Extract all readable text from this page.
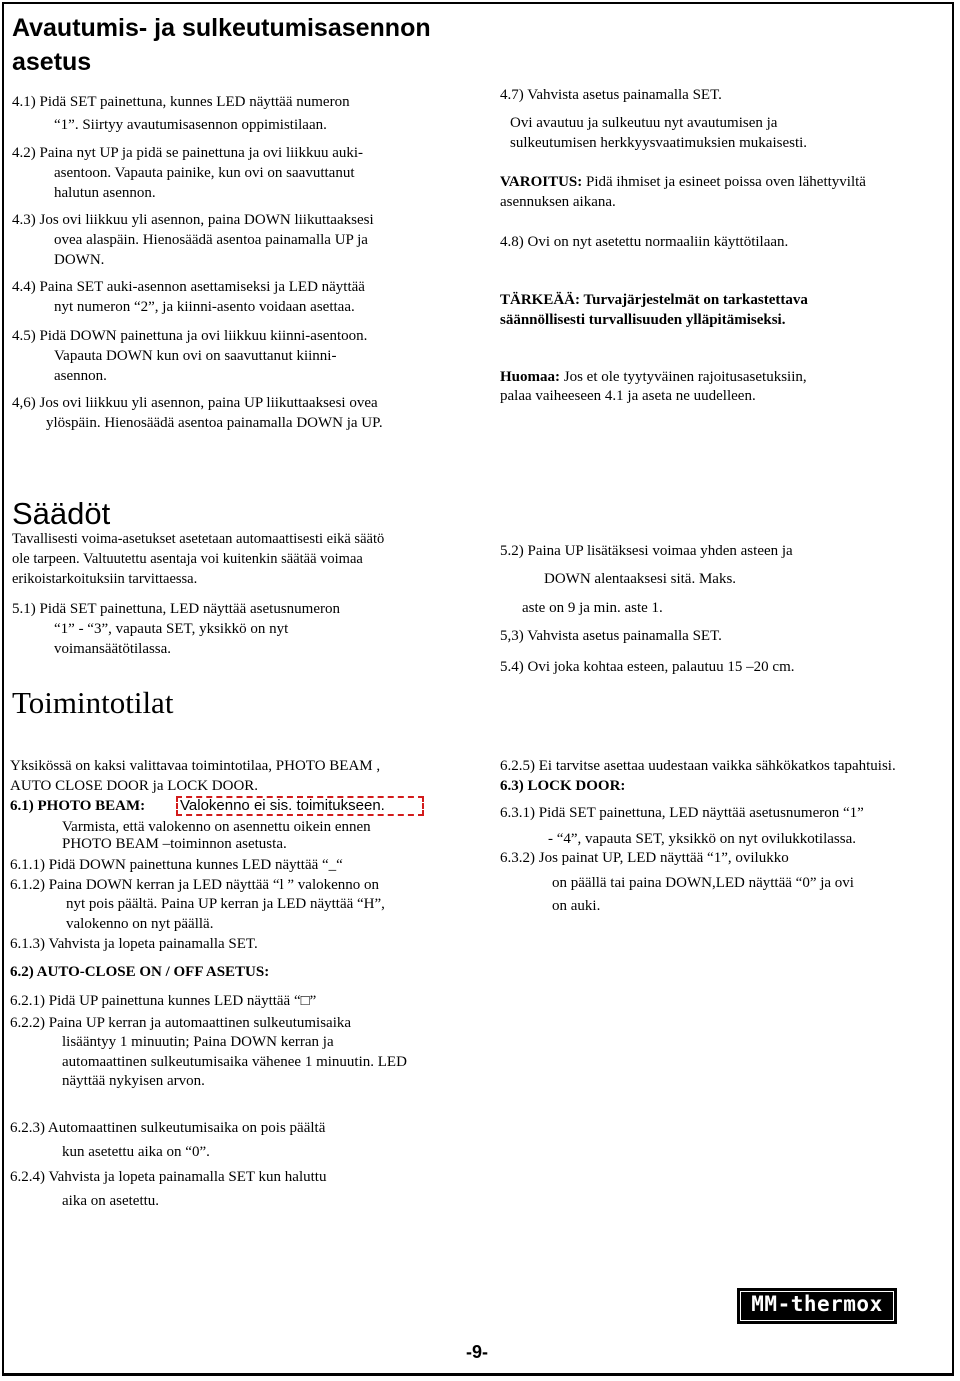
Avautumis- ja sulkeutumisasennon
asetus
4.1) Pidä SET painettuna, kunnes LED näyttää numeron
“1”. Siirtyy avautumisasennon oppimistilaan.
4.2) Paina nyt UP ja pidä se painettuna ja ovi liikkuu auki-
asentoon. Vapauta painike, kun ovi on saavuttanut
halutun asennon.
4.3) Jos ovi liikkuu yli asennon, paina DOWN liikuttaaksesi
ovea alaspäin. Hienosäädä asentoa painamalla UP ja
DOWN.
4.4) Paina SET auki-asennon asettamiseksi ja LED näyttää
nyt numeron “2”, ja kiinni-asento voidaan asettaa.
4.5) Pidä DOWN painettuna ja ovi liikkuu kiinni-asentoon.
Vapauta DOWN kun ovi on saavuttanut kiinni-
asennon.
4,6) Jos ovi liikkuu yli asennon, paina UP liikuttaaksesi ovea
ylöspäin. Hienosäädä asentoa painamalla DOWN ja UP.
4.7) Vahvista asetus painamalla SET.
Ovi avautuu ja sulkeutuu nyt avautumisen ja
sulkeutumisen herkkyysvaatimuksien mukaisesti.
VAROITUS: Pidä ihmiset ja esineet poissa oven lähettyviltä
asennuksen aikana.
4.8) Ovi on nyt asetettu normaaliin käyttötilaan.
TÄRKEÄÄ: Turvajärjestelmät on tarkastettava
säännöllisesti turvallisuuden ylläpitämiseksi.
Huomaa: Jos et ole tyytyväinen rajoitusasetuksiin,
palaa vaiheeseen 4.1 ja aseta ne uudelleen.
Säädöt
Tavallisesti voima-asetukset asetetaan automaattisesti eikä säätö
ole tarpeen. Valtuutettu asentaja voi kuitenkin säätää voimaa
erikoistarkoituksiin tarvittaessa.
5.1) Pidä SET painettuna, LED näyttää asetusnumeron
“1” - “3”, vapauta SET, yksikkö on nyt
voimansäätötilassa.
5.2) Paina UP lisätäksesi voimaa yhden asteen ja
DOWN alentaaksesi sitä. Maks.
aste on 9 ja min. aste 1.
5,3) Vahvista asetus painamalla SET.
5.4) Ovi joka kohtaa esteen, palautuu 15 –20 cm.
Toimintotilat
Yksikössä on kaksi valittavaa toimintotilaa, PHOTO BEAM ,
AUTO CLOSE DOOR ja LOCK DOOR.
6.1) PHOTO BEAM:
Varmista, että valokenno on asennettu oikein ennen
PHOTO BEAM –toiminnon asetusta.
Valokenno ei sis. toimitukseen.
6.1.1) Pidä DOWN painettuna kunnes LED näyttää “_“
6.1.2) Paina DOWN kerran ja LED näyttää “l ” valokenno on
nyt pois päältä. Paina UP kerran ja LED näyttää “H”,
valokenno on nyt päällä.
6.1.3) Vahvista ja lopeta painamalla SET.
6.2) AUTO-CLOSE ON / OFF ASETUS:
6.2.1) Pidä UP painettuna kunnes LED näyttää “□”
6.2.2) Paina UP kerran ja automaattinen sulkeutumisaika
lisääntyy 1 minuutin; Paina DOWN kerran ja
automaattinen sulkeutumisaika vähenee 1 minuutin. LED
näyttää nykyisen arvon.
6.2.3) Automaattinen sulkeutumisaika on pois päältä
kun asetettu aika on “0”.
6.2.4) Vahvista ja lopeta painamalla SET kun haluttu
aika on asetettu.
6.2.5) Ei tarvitse asettaa uudestaan vaikka sähkökatkos tapahtuisi.
6.3) LOCK DOOR:
6.3.1) Pidä SET painettuna, LED näyttää asetusnumeron “1”
- “4”, vapauta SET, yksikkö on nyt ovilukkotilassa.
6.3.2) Jos painat UP, LED näyttää “1”, ovilukko
on päällä tai paina DOWN,LED näyttää “0” ja ovi
on auki.
MM-thermox
-9-
